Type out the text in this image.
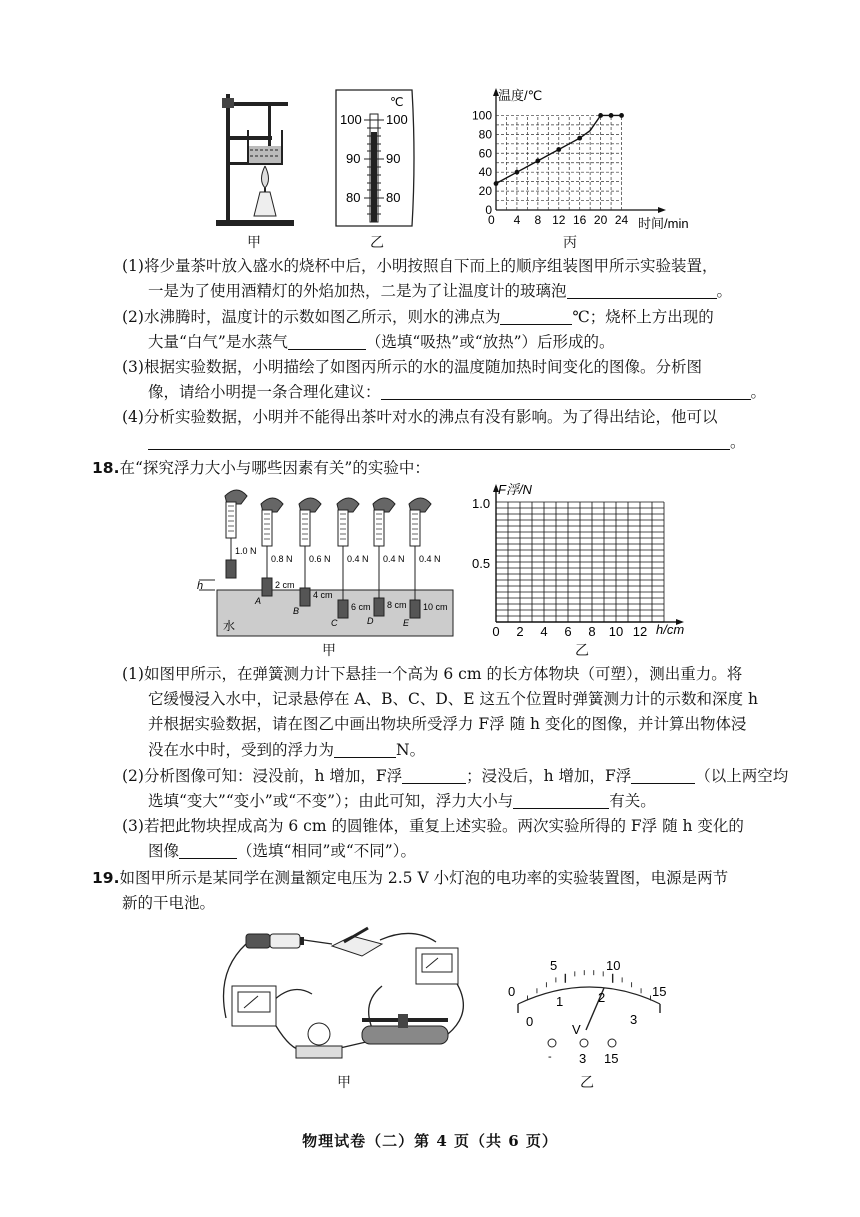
甲
℃
100
90
80
100
90
80
乙
0
20
40
60
80
100
0 4 8 12 16 20 24
温度/℃
时间/min
丙
(1)将少量茶叶放入盛水的烧杯中后，小明按照自下而上的顺序组装图甲所示实验装置，
一是为了使用酒精灯的外焰加热，二是为了让温度计的玻璃泡	。
(2)水沸腾时，温度计的示数如图乙所示，则水的沸点为	℃；烧杯上方出现的
大量“白气”是水蒸气	（选填“吸热”或“放热”）后形成的。
(3)根据实验数据，小明描绘了如图丙所示的水的温度随加热时间变化的图像。分析图
像，请给小明提一条合理化建议：	。
(4)分析实验数据，小明并不能得出茶叶对水的沸点有没有影响。为了得出结论，他可以
。
18.在“探究浮力大小与哪些因素有关”的实验中：
h
水
1.0 N
0.8 N
2 cm
A
0.6 N
4 cm
B
0.4 N
6 cm
C
0.4 N
8 cm
D
0.4 N
10 cm
E
甲
F浮/N
1.0
0.5
h/cm
0 2 4 6 8 10 12
乙
(1)如图甲所示，在弹簧测力计下悬挂一个高为 6 cm 的长方体物块（可塑），测出重力。将
它缓慢浸入水中，记录悬停在 A、B、C、D、E 这五个位置时弹簧测力计的示数和深度 h
并根据实验数据，请在图乙中画出物块所受浮力 F浮 随 h 变化的图像，并计算出物体浸
没在水中时，受到的浮力为	N。
(2)分析图像可知：浸没前，h 增加，F浮	；浸没后，h 增加，F浮	（以上两空均
选填“变大”“变小”或“不变”）；由此可知，浮力大小与	有关。
(3)若把此物块捏成高为 6 cm 的圆锥体，重复上述实验。两次实验所得的 F浮 随 h 变化的
图像	（选填“相同”或“不同”）。
19.如图甲所示是某同学在测量额定电压为 2.5 V 小灯泡的电功率的实验装置图，电源是两节
新的干电池。
甲
0
5	10
15
0
1	2
3
V
- 3 15
乙
物理试卷（二）第 4 页（共 6 页）
